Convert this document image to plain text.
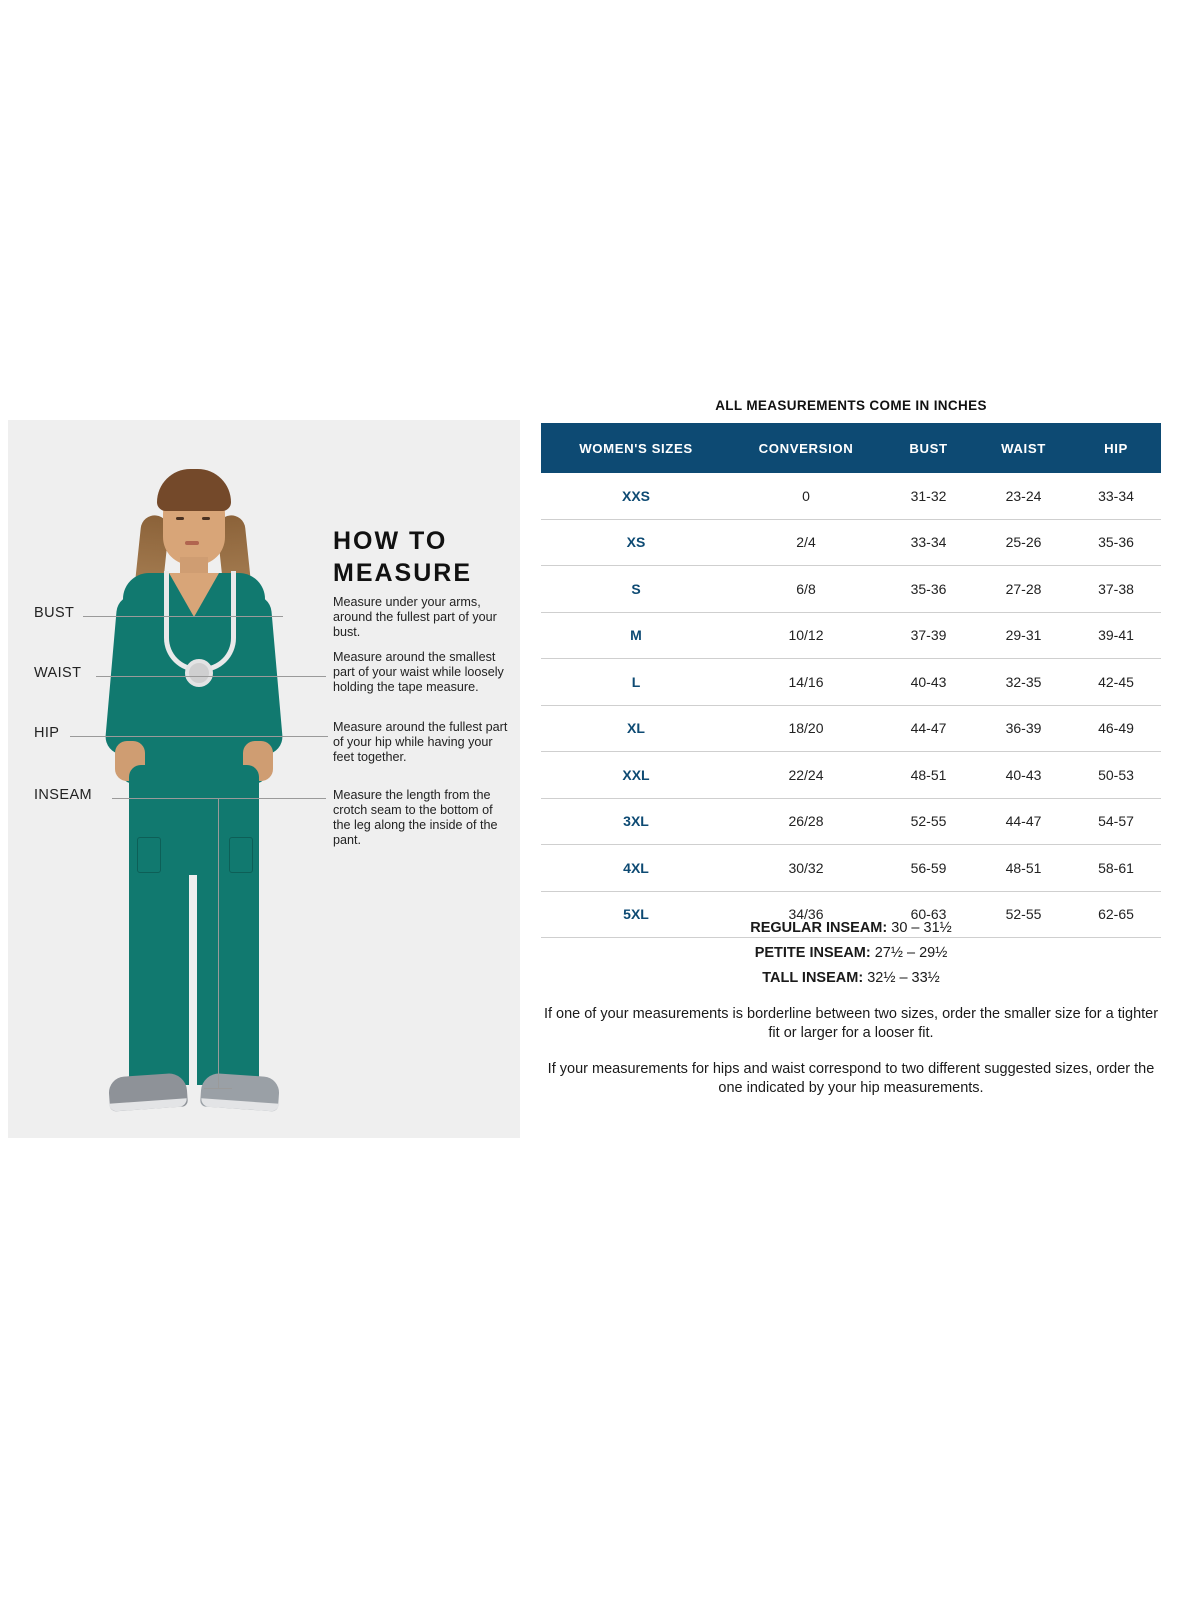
BUST
WAIST
HIP
INSEAM
HOW TO
MEASURE
Measure under your arms, around the fullest part of your bust.
Measure around the smallest part of your waist while loosely holding the tape measure.
Measure around the fullest part of your hip while having your feet together.
Measure the length from the crotch seam to the bottom of the leg along the inside of the pant.
ALL MEASUREMENTS COME IN INCHES
WOMEN'S SIZES	CONVERSION	BUST	WAIST	HIP
XXS	0	31-32	23-24	33-34
XS	2/4	33-34	25-26	35-36
S	6/8	35-36	27-28	37-38
M	10/12	37-39	29-31	39-41
L	14/16	40-43	32-35	42-45
XL	18/20	44-47	36-39	46-49
XXL	22/24	48-51	40-43	50-53
3XL	26/28	52-55	44-47	54-57
4XL	30/32	56-59	48-51	58-61
5XL	34/36	60-63	52-55	62-65
REGULAR INSEAM: 30 – 31½
PETITE INSEAM: 27½ – 29½
TALL INSEAM: 32½ – 33½
If one of your measurements is borderline between two sizes, order the smaller size for a tighter fit or larger for a looser fit.
If your measurements for hips and waist correspond to two different suggested sizes, order the one indicated by your hip measurements.
